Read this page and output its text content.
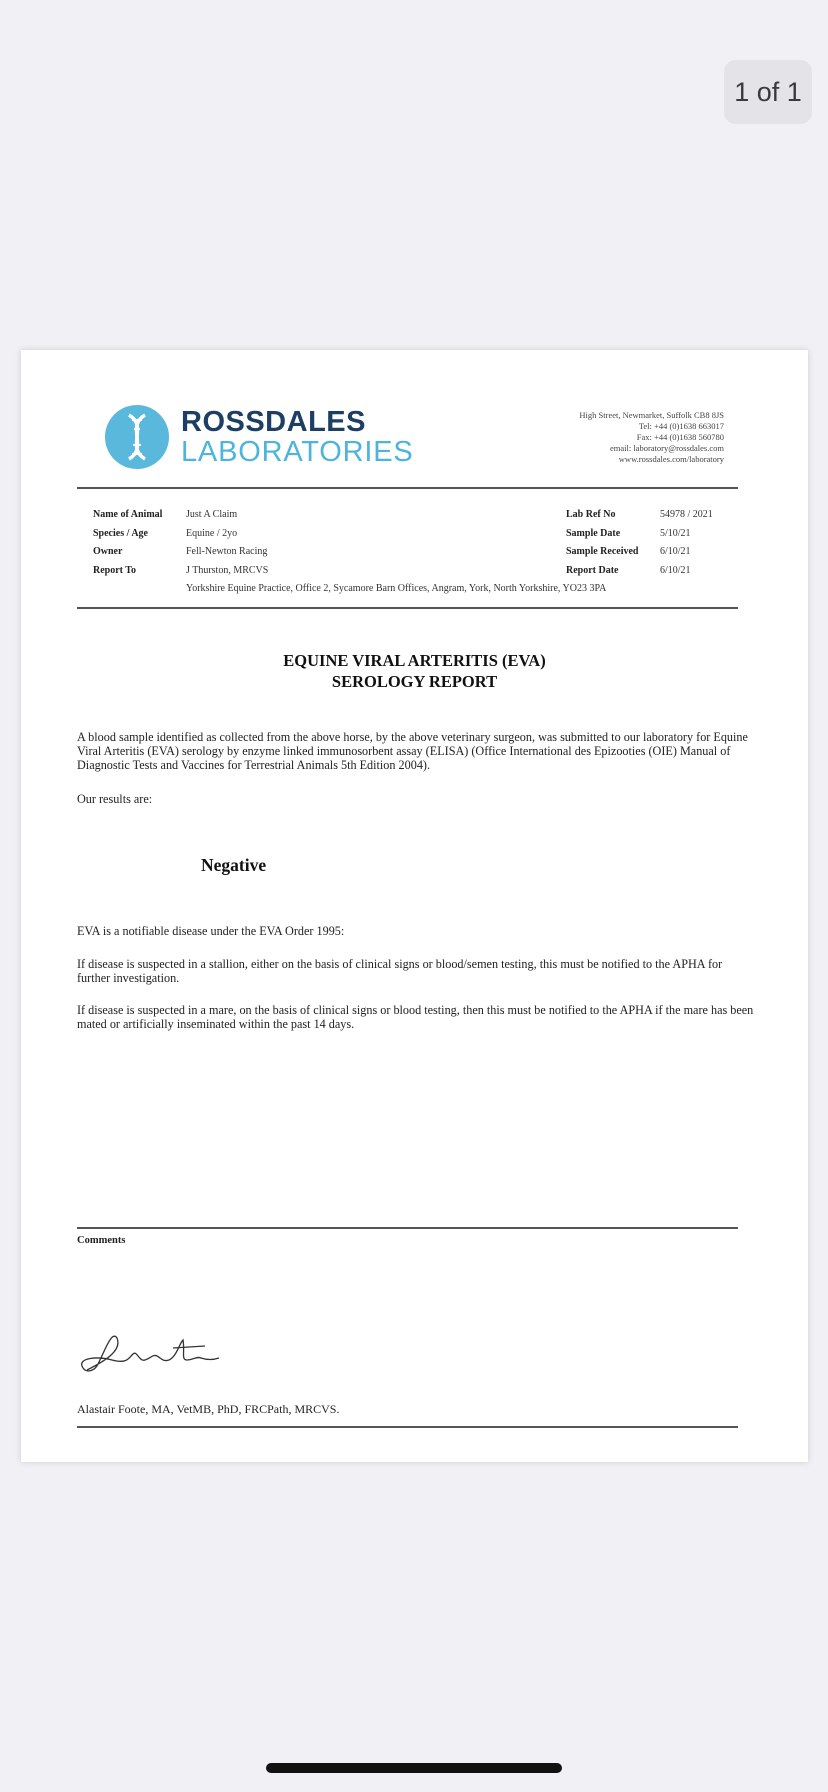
1 of 1
ROSSDALES
LABORATORIES
High Street, Newmarket, Suffolk CB8 8JS
Tel: +44 (0)1638 663017
Fax: +44 (0)1638 560780
email: laboratory@rossdales.com
www.rossdales.com/laboratory
Name of Animal
Species / Age
Owner
Report To
Just A Claim
Equine / 2yo
Fell-Newton Racing
J Thurston, MRCVS
Yorkshire Equine Practice, Office 2, Sycamore Barn Offices, Angram, York, North Yorkshire, YO23 3PA
Lab Ref No
Sample Date
Sample Received
Report Date
54978 / 2021
5/10/21
6/10/21
6/10/21
EQUINE VIRAL ARTERITIS (EVA)
SEROLOGY REPORT
A blood sample identified as collected from the above horse, by the above veterinary surgeon, was submitted to our laboratory for Equine Viral Arteritis (EVA) serology by enzyme linked immunosorbent assay (ELISA) (Office International des Epizooties (OIE) Manual of Diagnostic Tests and Vaccines for Terrestrial Animals 5th Edition 2004).
Our results are:
Negative
EVA is a notifiable disease under the EVA Order 1995:
If disease is suspected in a stallion, either on the basis of clinical signs or blood/semen testing, this must be notified to the APHA for further investigation.
If disease is suspected in a mare, on the basis of clinical signs or blood testing, then this must be notified to the APHA if the mare has been mated or artificially inseminated within the past 14 days.
Comments
Alastair Foote, MA, VetMB, PhD, FRCPath, MRCVS.
